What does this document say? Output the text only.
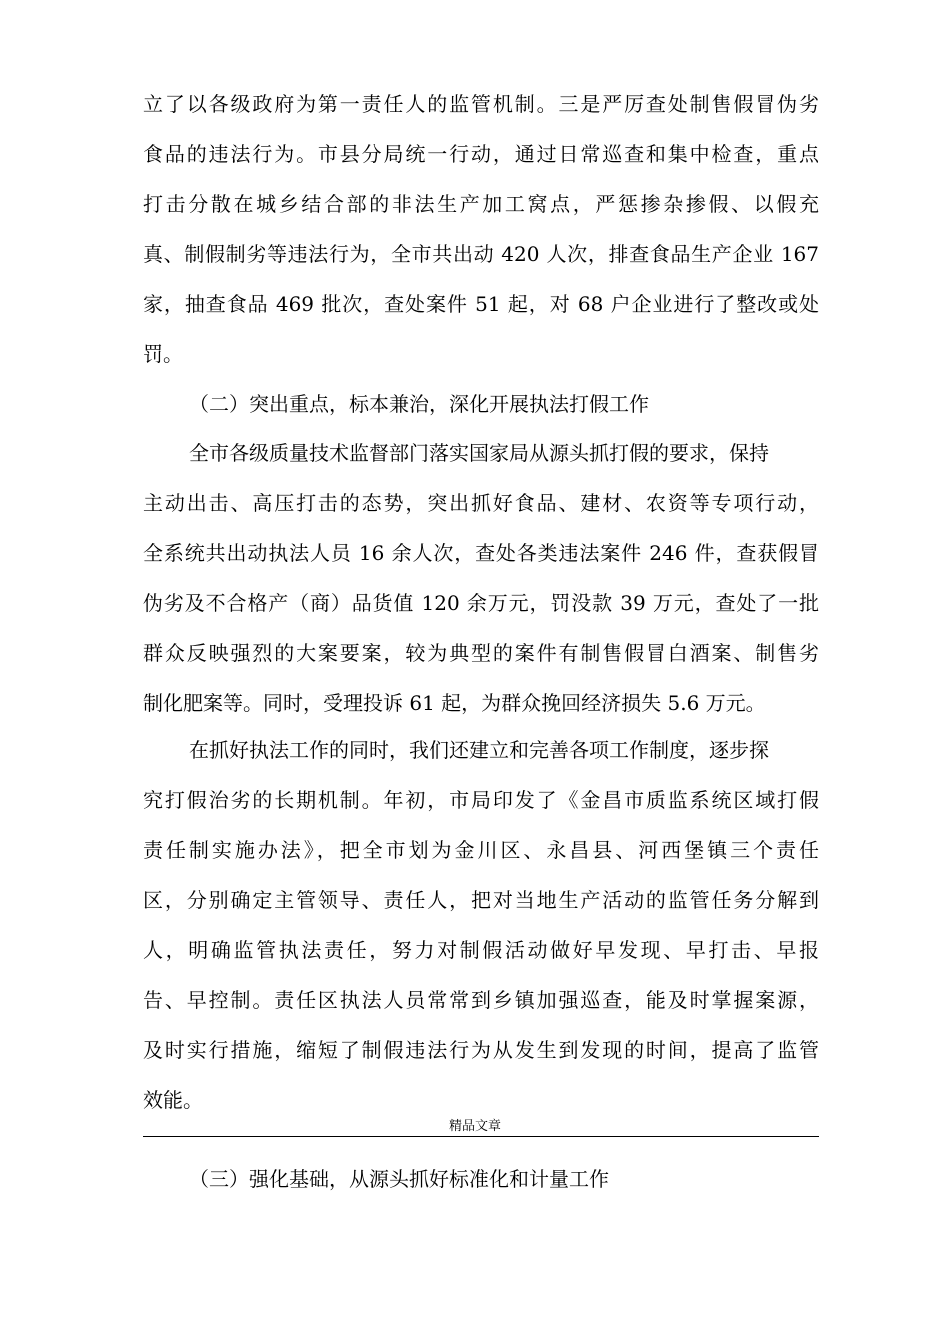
立了以各级政府为第一责任人的监管机制。三是严厉查处制售假冒伪劣
食品的违法行为。市县分局统一行动，通过日常巡查和集中检查，重点
打击分散在城乡结合部的非法生产加工窝点，严惩掺杂掺假、以假充
真、制假制劣等违法行为，全市共出动 420 人次，排查食品生产企业 167
家，抽查食品 469 批次，查处案件 51 起，对 68 户企业进行了整改或处
罚。
（二）突出重点，标本兼治，深化开展执法打假工作
全市各级质量技术监督部门落实国家局从源头抓打假的要求，保持
主动出击、高压打击的态势，突出抓好食品、建材、农资等专项行动，
全系统共出动执法人员 16 余人次，查处各类违法案件 246 件，查获假冒
伪劣及不合格产（商）品货值 120 余万元，罚没款 39 万元，查处了一批
群众反映强烈的大案要案，较为典型的案件有制售假冒白酒案、制售劣
制化肥案等。同时，受理投诉 61 起，为群众挽回经济损失 5.6 万元。
在抓好执法工作的同时，我们还建立和完善各项工作制度，逐步探
究打假治劣的长期机制。年初，市局印发了《金昌市质监系统区域打假
责任制实施办法》，把全市划为金川区、永昌县、河西堡镇三个责任
区，分别确定主管领导、责任人，把对当地生产活动的监管任务分解到
人，明确监管执法责任，努力对制假活动做好早发现、早打击、早报
告、早控制。责任区执法人员常常到乡镇加强巡查，能及时掌握案源，
及时实行措施，缩短了制假违法行为从发生到发现的时间，提高了监管
效能。
精品文章
（三）强化基础，从源头抓好标准化和计量工作
